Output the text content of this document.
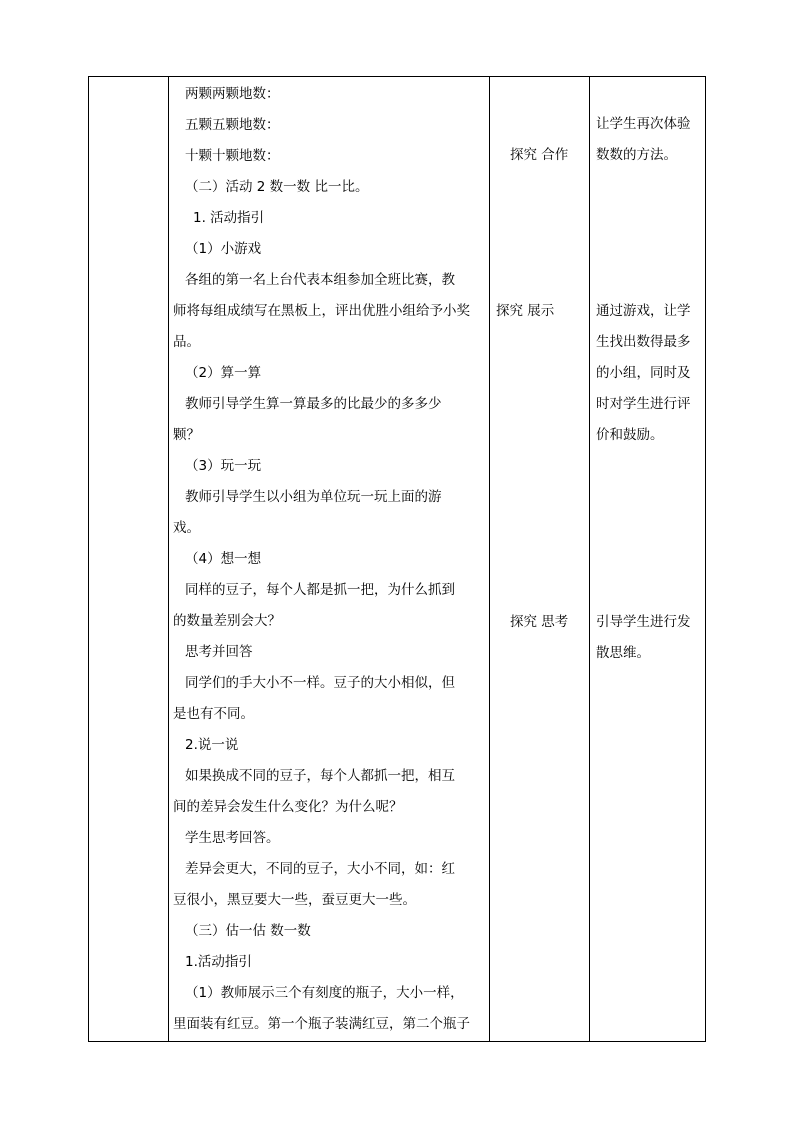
两颗两颗地数：
五颗五颗地数：
十颗十颗地数：
（二）活动 2 数一数 比一比。
1. 活动指引
（1）小游戏
各组的第一名上台代表本组参加全班比赛，教
师将每组成绩写在黑板上，评出优胜小组给予小奖
品。
（2）算一算
教师引导学生算一算最多的比最少的多多少
颗？
（3）玩一玩
教师引导学生以小组为单位玩一玩上面的游
戏。
（4）想一想
同样的豆子，每个人都是抓一把，为什么抓到
的数量差别会大？
思考并回答
同学们的手大小不一样。豆子的大小相似，但
是也有不同。
2.说一说
如果换成不同的豆子，每个人都抓一把，相互
间的差异会发生什么变化？为什么呢？
学生思考回答。
差异会更大，不同的豆子，大小不同，如：红
豆很小，黑豆要大一些，蚕豆更大一些。
（三）估一估 数一数
1.活动指引
（1）教师展示三个有刻度的瓶子，大小一样，
里面装有红豆。第一个瓶子装满红豆，第二个瓶子
探究 合作
探究 展示
探究 思考
让学生再次体验
数数的方法。
通过游戏，让学
生找出数得最多
的小组，同时及
时对学生进行评
价和鼓励。
引导学生进行发
散思维。
